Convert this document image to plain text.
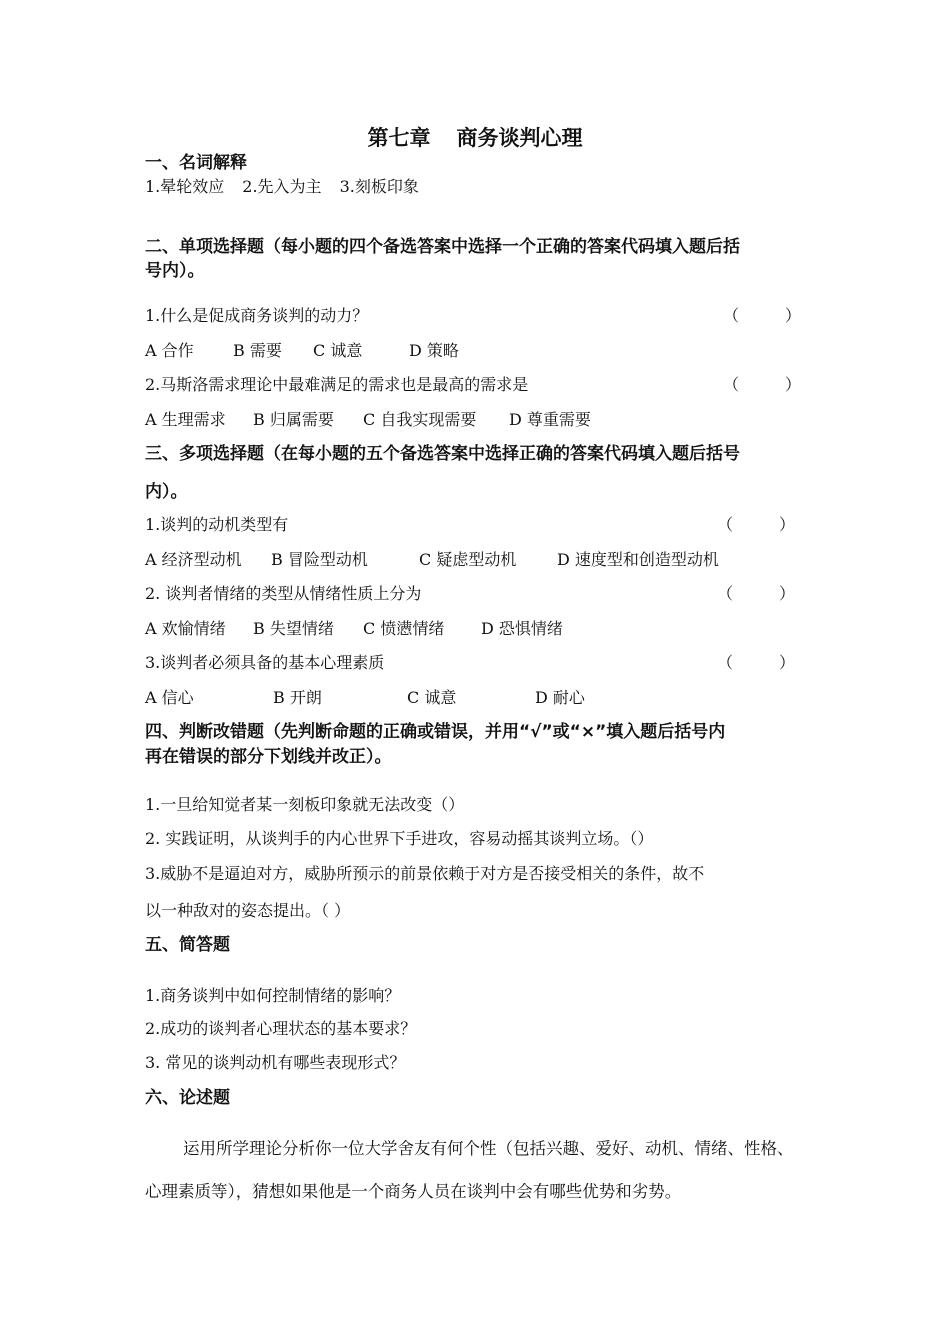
第七章 商务谈判心理
一、名词解释
1.晕轮效应 2.先入为主 3.刻板印象
二、单项选择题（每小题的四个备选答案中选择一个正确的答案代码填入题后括
号内）。
1.什么是促成商务谈判的动力？	（	）
A 合作 B 需要 C 诚意	D 策略
2.马斯洛需求理论中最难满足的需求也是最高的需求是	（	）
A 生理需求 B 归属需要 C 自我实现需要 D 尊重需要
三、多项选择题（在每小题的五个备选答案中选择正确的答案代码填入题后括号
内）。
1.谈判的动机类型有	（	）
A 经济型动机 B 冒险型动机	C 疑虑型动机	D 速度型和创造型动机
2. 谈判者情绪的类型从情绪性质上分为	（	）
A 欢愉情绪 B 失望情绪 C 愤懑情绪 D 恐惧情绪
3.谈判者必须具备的基本心理素质	（	）
A 信心	B 开朗	C 诚意	D 耐心
四、判断改错题（先判断命题的正确或错误，并用“√”或“×”填入题后括号内
再在错误的部分下划线并改正）。
1.一旦给知觉者某一刻板印象就无法改变（）
2. 实践证明，从谈判手的内心世界下手进攻，容易动摇其谈判立场。（）
3.威胁不是逼迫对方，威胁所预示的前景依赖于对方是否接受相关的条件，故不
以一种敌对的姿态提出。（ ）
五、简答题
1.商务谈判中如何控制情绪的影响？
2.成功的谈判者心理状态的基本要求？
3. 常见的谈判动机有哪些表现形式？
六、论述题
运用所学理论分析你一位大学舍友有何个性（包括兴趣、爱好、动机、情绪、性格、心理素质等），猜想如果他是一个商务人员在谈判中会有哪些优势和劣势。
